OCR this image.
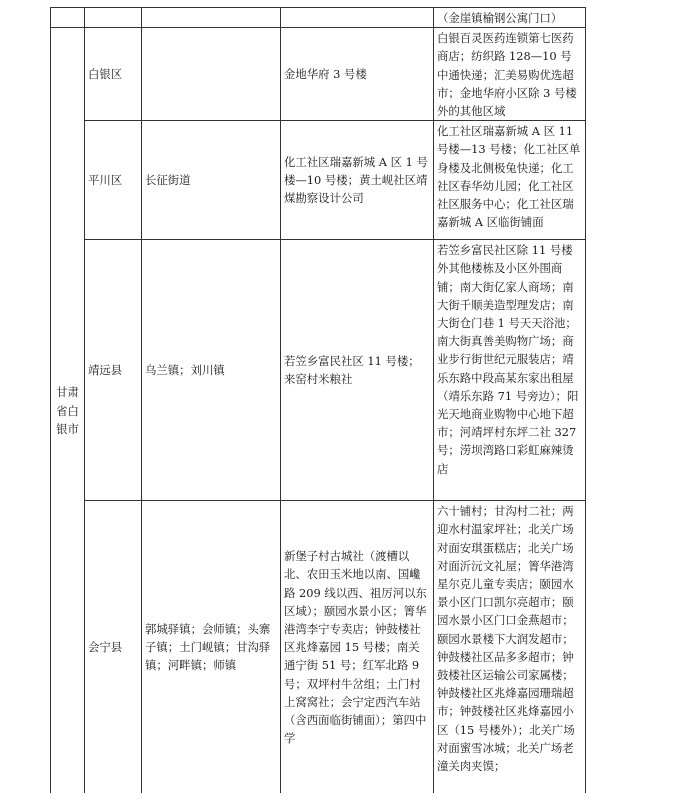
				（金崖镇榆钢公寓门口）
甘肃省白银市	白银区		金地华府 3 号楼	白银百灵医药连锁第七医药商店；纺织路 128—10 号中通快递；汇美易购优选超市；金地华府小区除 3 号楼外的其他区域
	平川区	长征街道	化工社区瑞嘉新城 A 区 1 号楼—10 号楼；黄土岘社区靖煤勘察设计公司	化工社区瑞嘉新城 A 区 11 号楼—13 号楼；化工社区单身楼及北侧极兔快递；化工社区春华幼儿园；化工社区社区服务中心；化工社区瑞嘉新城 A 区临街铺面
	靖远县	乌兰镇；刘川镇	若笠乡富民社区 11 号楼；来窑村米粮社	若笠乡富民社区除 11 号楼外其他楼栋及小区外围商铺；南大街亿家人商场；南大街千顺美造型理发店；南大街仓门巷 1 号天天浴池；南大街真善美购物广场；商业步行街世纪元服装店；靖乐东路中段高某东家出租屋（靖乐东路 71 号旁边）；阳光天地商业购物中心地下超市；河靖坪村东坪二社 327 号；涝坝湾路口彩虹麻辣烫店
	会宁县	郭城驿镇；会师镇；头寨子镇；土门岘镇；甘沟驿镇；河畔镇；师镇	新堡子村古城社（渡槽以北、农田玉米地以南、国巉路 209 线以西、祖厉河以东区域）；颐园水景小区；箐华港湾李宁专卖店；钟鼓楼社区兆烽嘉园 15 号楼；南关通宁街 51 号；红军北路 9 号；双坪村牛岔组；土门村上窝窝社；会宁定西汽车站（含西面临街铺面）；第四中学	六十铺村；甘沟村二社；两迎水村温家坪社；北关广场对面安琪蛋糕店；北关广场对面沂沅文礼屋；箐华港湾星尔克儿童专卖店；颐园水景小区门口凯尔亮超市；颐园水景小区门口金燕超市；颐园水景楼下大润发超市；钟鼓楼社区品多多超市；钟鼓楼社区运输公司家属楼；钟鼓楼社区兆烽嘉园珊瑞超市；钟鼓楼社区兆烽嘉园小区（15 号楼外）；北关广场对面蜜雪冰城；北关广场老潼关肉夹馍；
